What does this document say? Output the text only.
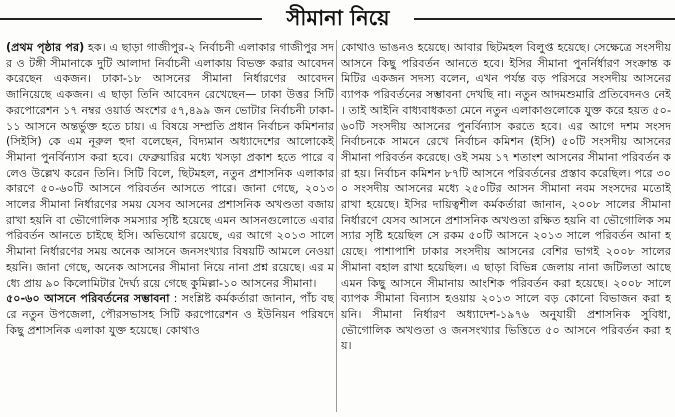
সীমানা নিয়ে

(প্রথম পৃষ্ঠার পর) হক। এ ছাড়া গাজীপুর-২ নির্বাচনী এলাকার গাজীপুর সদর ও টঙ্গী সীমানাকে দুটি আলাদা নির্বাচনী এলাকায় বিভক্ত করার আবেদন করেছেন একজন। ঢাকা-১৮ আসনের সীমানা নির্ধারণের আবেদন জানিয়েছে একজন। এ ছাড়া তিনি আবেদন রেখেছেন— ঢাকা উত্তর সিটি করপোরেশন ১৭ নম্বর ওয়ার্ড অংশের ৫৭,৪৯৯ জন ভোটার নির্বাচনী ঢাকা-১১ আসনে অন্তর্ভুক্ত হতে চায়। এ বিষয়ে সম্প্রতি প্রধান নির্বাচন কমিশনার (সিইসি) কে এম নূরুল হুদা বলেছেন, বিদ্যমান অধ্যাদেশের আলোকেই সীমানা পুনর্বিন্যাস করা হবে। ফেব্রুয়ারির মধ্যে খসড়া প্রকাশ হতে পারে বলেও উল্লেখ করেন তিনি। সিটি বিলে, ছিটমহল, নতুন প্রশাসনিক এলাকার কারণে ৫০-৬০টি আসনে পরিবর্তন আসতে পারে। জানা গেছে, ২০১৩ সালের সীমানা নির্ধারণের সময় যেসব আসনের প্রশাসনিক অখণ্ডতা বজায় রাখা হয়নি বা ভৌগোলিক সমস্যার সৃষ্টি হয়েছে এমন আসনগুলোতে এবার পরিবর্তন আনতে চাইছে ইসি। অভিযোগ রয়েছে, এর আগে ২০১৩ সালে সীমানা নির্ধারণের সময় অনেক আসনে জনসংখ্যার বিষয়টি আমলে নেওয়া হয়নি। জানা গেছে, অনেক আসনের সীমানা নিয়ে নানা প্রশ্ন রয়েছে। এর মধ্যে প্রায় ৯০ কিলোমিটার দৈর্ঘ্য রয়ে গেছে কুমিল্লা-১০ আসনের সীমানা।

৫০-৬০ আসনে পরিবর্তনের সম্ভাবনা : সংশ্লিষ্ট কর্মকর্তারা জানান, পাঁচ বছরে নতুন উপজেলা, পৌরসভাসহ সিটি করপোরেশন ও ইউনিয়ন পরিষদে কিছু প্রশাসনিক এলাকা যুক্ত হয়েছে। কোথাও

কোথাও ভাঙনও হয়েছে। আবার ছিটমহল বিলুপ্ত হয়েছে। সেক্ষেত্রে সংসদীয় আসনে কিছু পরিবর্তন আনতে হবে। ইসির সীমানা পুনর্নির্ধারণ সংক্রান্ত কমিটির একজন সদস্য বলেন, এখন পর্যন্ত বড় পরিসরে সংসদীয় আসনের ব্যাপক পরিবর্তনের সম্ভাবনা দেখছি না। নতুন আদমশুমারি প্রতিবেদনও নেই। তাই আইনি বাধ্যবাধকতা মেনে নতুন এলাকাগুলোকে যুক্ত করে হয়ত ৫০-৬০টি সংসদীয় আসনের পুনর্বিন্যাস করতে হবে। এর আগে দশম সংসদ নির্বাচনকে সামনে রেখে নির্বাচন কমিশন (ইসি) ৫০টি সংসদীয় আসনের সীমানা পরিবর্তন করেছে। ওই সময় ১৭ শতাংশ আসনের সীমানা পরিবর্তন করা হয়। নির্বাচন কমিশন ৮৭টি আসনে পরিবর্তনের প্রস্তাব করেছিল। পরে ৩০০ সংসদীয় আসনের মধ্যে ২৫০টির আসন সীমানা নবম সংসদের মতোই রাখা হয়েছে। ইসির দায়িত্বশীল কর্মকর্তারা জানান, ২০০৮ সালের সীমানা নির্ধারণে যেসব আসনে প্রশাসনিক অখণ্ডতা রক্ষিত হয়নি বা ভৌগোলিক সমস্যার সৃষ্টি হয়েছিল সে রকম ৫০টি আসনে ২০১৩ সালে পরিবর্তন আনা হয়েছে। পাশাপাশি ঢাকার সংসদীয় আসনের বেশির ভাগই ২০০৮ সালের সীমানা বহাল রাখা হয়েছিল। এ ছাড়া বিভিন্ন জেলায় নানা জটিলতা আছে এমন কিছু আসনে সীমানায় আংশিক পরিবর্তন করা হয়েছে। ২০০৮ সালে ব্যাপক সীমানা বিন্যাস হওয়ায় ২০১৩ সালে বড় কোনো বিভাজন করা হয়নি। সীমানা নির্ধারণ অধ্যাদেশ-১৯৭৬ অনুযায়ী প্রশাসনিক সুবিধা, ভৌগোলিক অখণ্ডতা ও জনসংখ্যার ভিত্তিতে ৫০ আসনে পরিবর্তন করা হয়।
